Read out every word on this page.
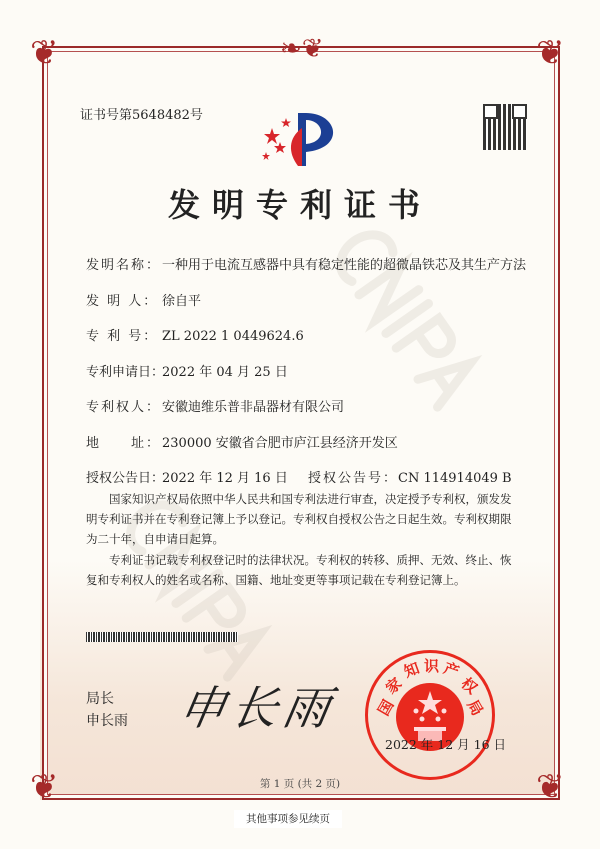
❦	❦
❦	❦
❧❦
证书号第5648482号
发明专利证书
发明名称：一种用于电流互感器中具有稳定性能的超微晶铁芯及其生产方法
发 明 人： 徐自平
专 利 号： ZL 2022 1 0449624.6
专利申请日：2022 年 04 月 25 日
专利权人：安徽迪维乐普非晶器材有限公司
地　　址：230000 安徽省合肥市庐江县经济开发区
授权公告日：2022 年 12 月 16 日 授权公告号：CN 114914049 B
国家知识产权局依照中华人民共和国专利法进行审查，决定授予专利权，颁发发明专利证书并在专利登记簿上予以登记。专利权自授权公告之日起生效。专利权期限为二十年，自申请日起算。
专利证书记载专利权登记时的法律状况。专利权的转移、质押、无效、终止、恢复和专利权人的姓名或名称、国籍、地址变更等事项记载在专利登记簿上。
局长
申长雨 申长雨 国
家
知 识 产
权
局
2022 年 12 月 16 日
第 1 页 (共 2 页)
其他事项参见续页
